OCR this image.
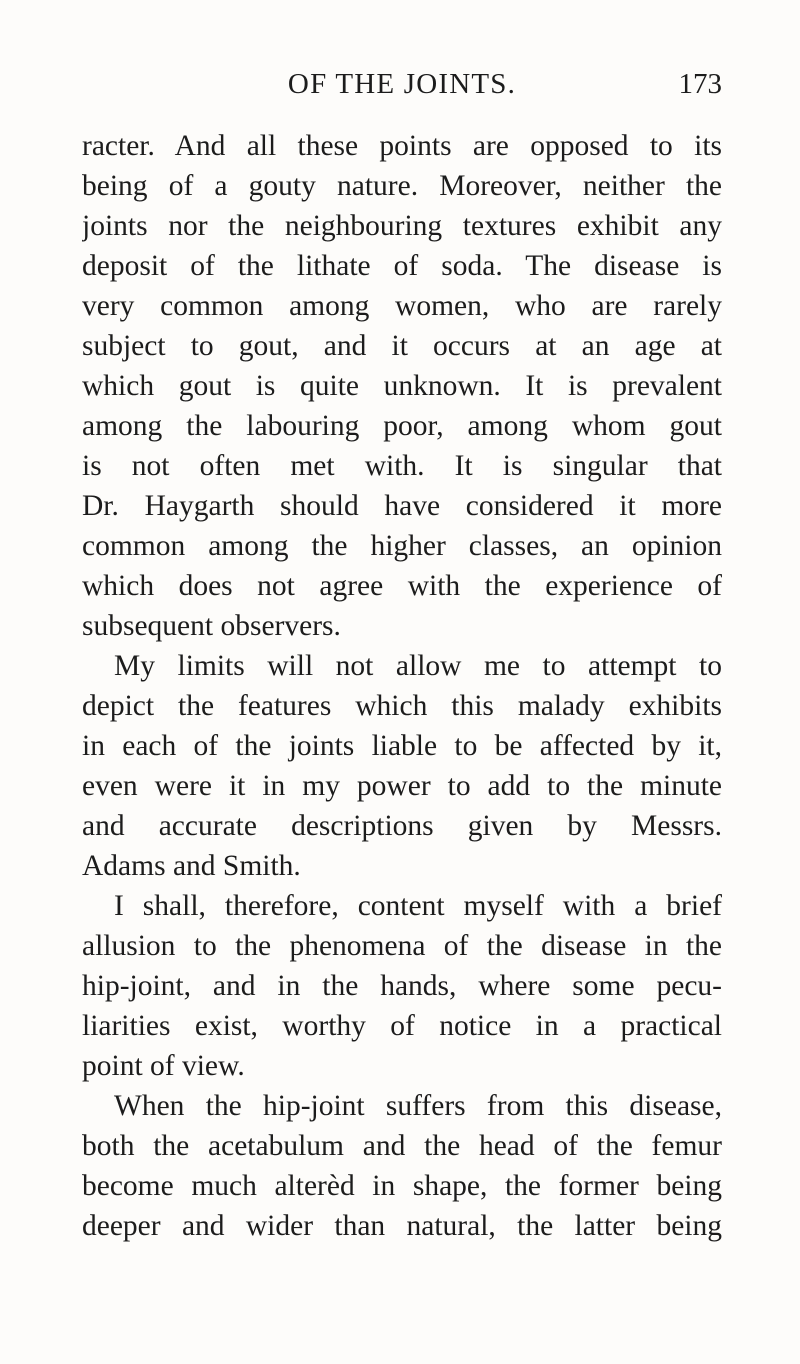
OF THE JOINTS.	173
racter. And all these points are opposed to its
being of a gouty nature. Moreover, neither the
joints nor the neighbouring textures exhibit any
deposit of the lithate of soda. The disease is
very common among women, who are rarely
subject to gout, and it occurs at an age at
which gout is quite unknown. It is prevalent
among the labouring poor, among whom gout
is not often met with. It is singular that
Dr. Haygarth should have considered it more
common among the higher classes, an opinion
which does not agree with the experience of
subsequent observers.
My limits will not allow me to attempt to
depict the features which this malady exhibits
in each of the joints liable to be affected by it,
even were it in my power to add to the minute
and accurate descriptions given by Messrs.
Adams and Smith.
I shall, therefore, content myself with a brief
allusion to the phenomena of the disease in the
hip-joint, and in the hands, where some pecu-
liarities exist, worthy of notice in a practical
point of view.
When the hip-joint suffers from this disease,
both the acetabulum and the head of the femur
become much alterèd in shape, the former being
deeper and wider than natural, the latter being
